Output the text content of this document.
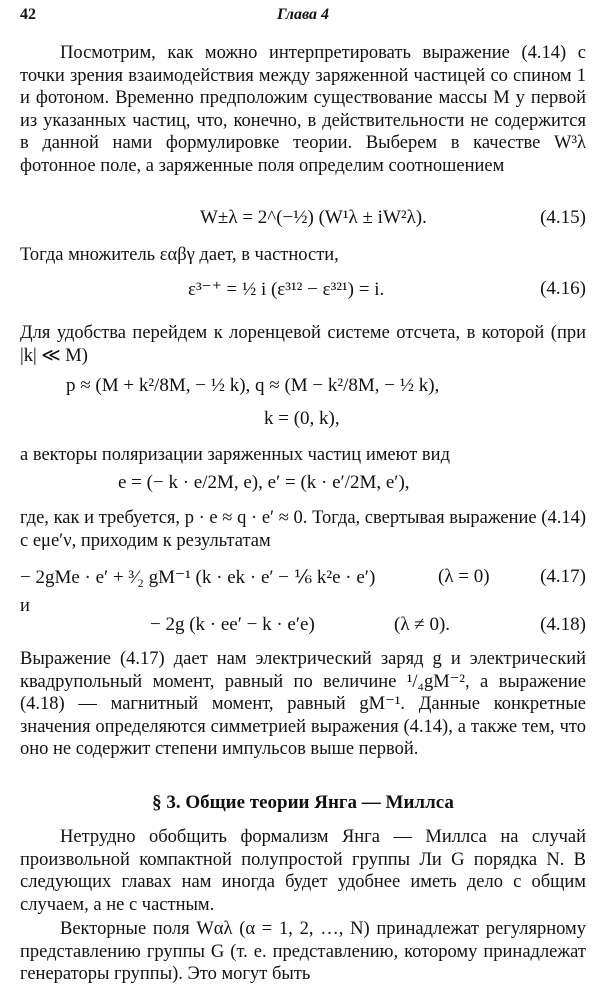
42	Глава 4
Посмотрим, как можно интерпретировать выражение (4.14) с точки зрения взаимодействия между заряженной частицей со спином 1 и фотоном. Временно предположим существование массы M у первой из указанных частиц, что, конечно, в действительности не содержится в данной нами формулировке теории. Выберем в качестве W³λ фотонное поле, а заряженные поля определим соотношением
W±λ = 2^(−½) (W¹λ ± iW²λ).	(4.15)
Тогда множитель εαβγ дает, в частности,
ε³⁻⁺ = ½ i (ε³¹² − ε³²¹) = i.	(4.16)
Для удобства перейдем к лоренцевой системе отсчета, в которой (при |k| ≪ M)
p ≈ (M + k²/8M, − ½ k), q ≈ (M − k²/8M, − ½ k),
k = (0, k),
а векторы поляризации заряженных частиц имеют вид
e = (− k · e/2M, e), e′ = (k · e′/2M, e′),
где, как и требуется, p · e ≈ q · e′ ≈ 0. Тогда, свертывая выражение (4.14) с eμe′ν, приходим к результатам
− 2gMe · e′ + ³⁄₂ gM⁻¹ (k · ek · e′ − ⅙ k²e · e′)	(λ = 0)	(4.17)
и
− 2g (k · ee′ − k · e′e)	(λ ≠ 0).	(4.18)
Выражение (4.17) дает нам электрический заряд g и электрический квадрупольный момент, равный по величине ¹/₄gM⁻², а выражение (4.18) — магнитный момент, равный gM⁻¹. Данные конкретные значения определяются симметрией выражения (4.14), а также тем, что оно не содержит степени импульсов выше первой.
§ 3. Общие теории Янга — Миллса
Нетрудно обобщить формализм Янга — Миллса на случай произвольной компактной полупростой группы Ли G порядка N. В следующих главах нам иногда будет удобнее иметь дело с общим случаем, а не с частным.
Векторные поля Wαλ (α = 1, 2, …, N) принадлежат регулярному представлению группы G (т. е. представлению, которому принадлежат генераторы группы). Это могут быть
